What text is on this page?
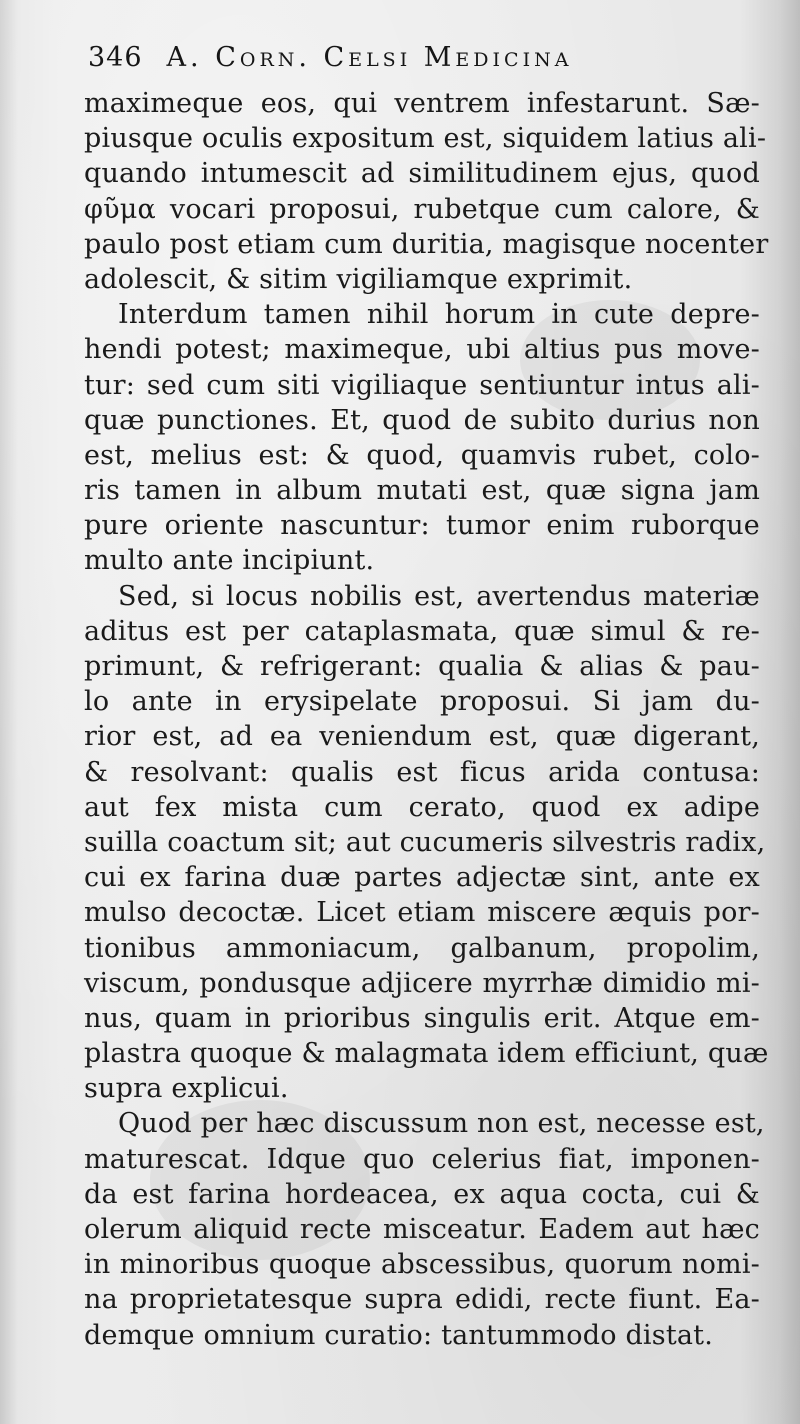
346 A. Corn. Celsi Medicina
maximeque eos, qui ventrem infestarunt. Sæ-
piusque oculis expositum est, siquidem latius ali-
quando intumescit ad similitudinem ejus, quod
φῦμα vocari proposui, rubetque cum calore, &
paulo post etiam cum duritia, magisque nocenter
adolescit, & sitim vigiliamque exprimit.
Interdum tamen nihil horum in cute depre-
hendi potest; maximeque, ubi altius pus move-
tur: sed cum siti vigiliaque sentiuntur intus ali-
quæ punctiones. Et, quod de subito durius non
est, melius est: & quod, quamvis rubet, colo-
ris tamen in album mutati est, quæ signa jam
pure oriente nascuntur: tumor enim ruborque
multo ante incipiunt.
Sed, si locus nobilis est, avertendus materiæ
aditus est per cataplasmata, quæ simul & re-
primunt, & refrigerant: qualia & alias & pau-
lo ante in erysipelate proposui. Si jam du-
rior est, ad ea veniendum est, quæ digerant,
& resolvant: qualis est ficus arida contusa:
aut fex mista cum cerato, quod ex adipe
suilla coactum sit; aut cucumeris silvestris radix,
cui ex farina duæ partes adjectæ sint, ante ex
mulso decoctæ. Licet etiam miscere æquis por-
tionibus ammoniacum, galbanum, propolim,
viscum, pondusque adjicere myrrhæ dimidio mi-
nus, quam in prioribus singulis erit. Atque em-
plastra quoque & malagmata idem efficiunt, quæ
supra explicui.
Quod per hæc discussum non est, necesse est,
maturescat. Idque quo celerius fiat, imponen-
da est farina hordeacea, ex aqua cocta, cui &
olerum aliquid recte misceatur. Eadem aut hæc
in minoribus quoque abscessibus, quorum nomi-
na proprietatesque supra edidi, recte fiunt. Ea-
demque omnium curatio: tantummodo distat.
